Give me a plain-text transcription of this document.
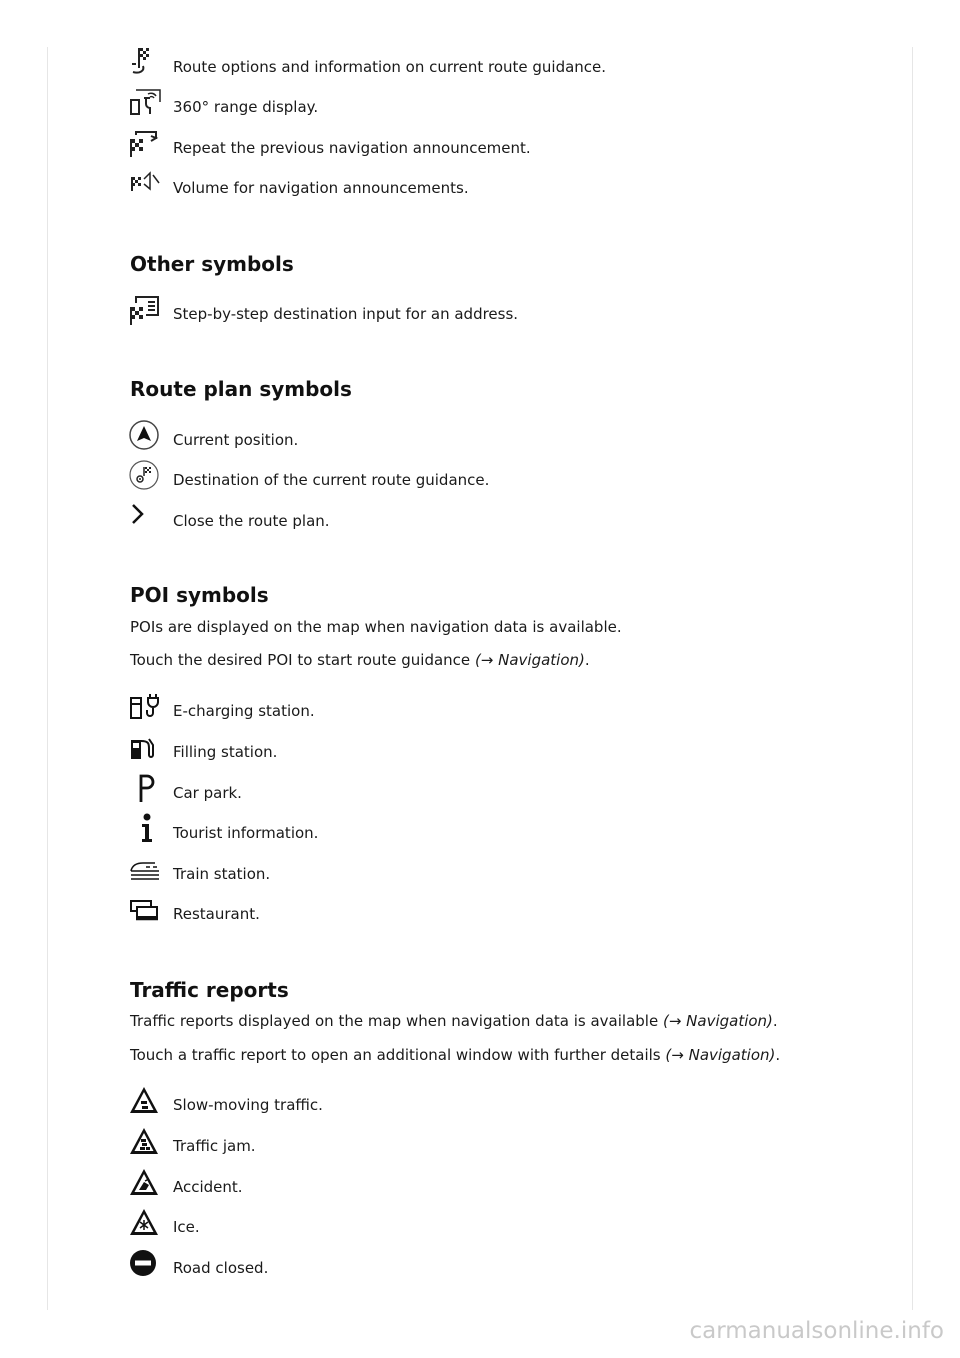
Route options and information on current route guidance.
360° range display.
Repeat the previous navigation announcement.
Volume for navigation announcements.
Other symbols
Step-by-step destination input for an address.
Route plan symbols
Current position.
Destination of the current route guidance.
Close the route plan.
POI symbols
POIs are displayed on the map when navigation data is available.
Touch the desired POI to start route guidance (→ Navigation).
E-charging station.
Filling station.
Car park.
Tourist information.
Train station.
Restaurant.
Traffic reports
Traffic reports displayed on the map when navigation data is available (→ Navigation).
Touch a traffic report to open an additional window with further details (→ Navigation).
Slow-moving traffic.
Traffic jam.
Accident.
Ice.
Road closed.
carmanualsonline.info
